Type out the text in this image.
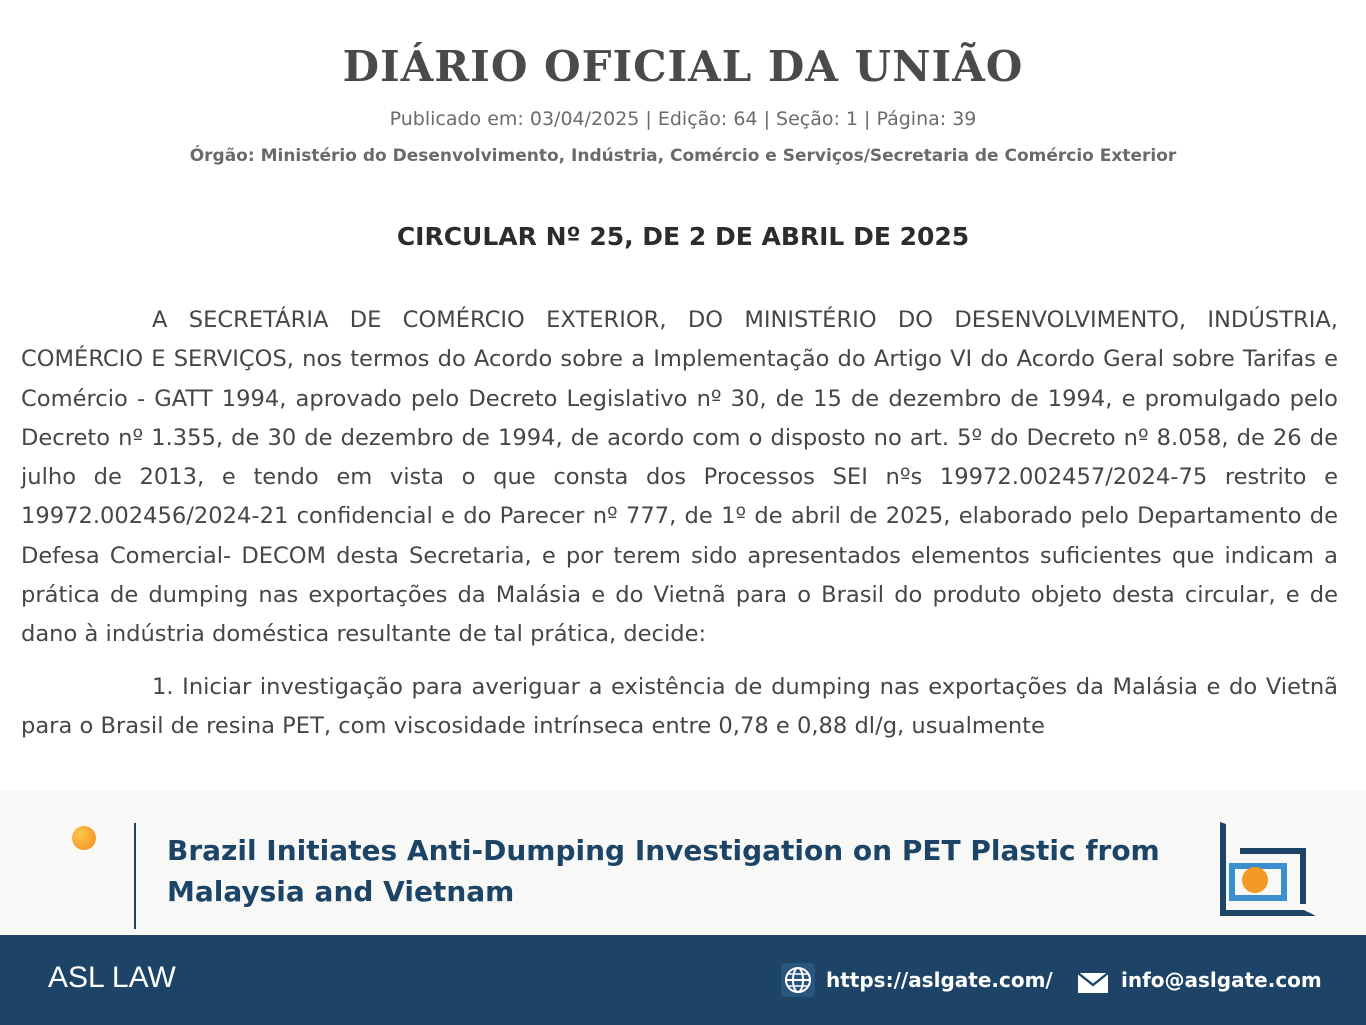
DIÁRIO OFICIAL DA UNIÃO
Publicado em: 03/04/2025 | Edição: 64 | Seção: 1 | Página: 39
Órgão: Ministério do Desenvolvimento, Indústria, Comércio e Serviços/Secretaria de Comércio Exterior
CIRCULAR Nº 25, DE 2 DE ABRIL DE 2025

A SECRETÁRIA DE COMÉRCIO EXTERIOR, DO MINISTÉRIO DO DESENVOLVIMENTO, INDÚSTRIA, COMÉRCIO E SERVIÇOS, nos termos do Acordo sobre a Implementação do Artigo VI do Acordo Geral sobre Tarifas e Comércio - GATT 1994, aprovado pelo Decreto Legislativo nº 30, de 15 de dezembro de 1994, e promulgado pelo Decreto nº 1.355, de 30 de dezembro de 1994, de acordo com o disposto no art. 5º do Decreto nº 8.058, de 26 de julho de 2013, e tendo em vista o que consta dos Processos SEI nºs 19972.002457/2024-75 restrito e 19972.002456/2024-21 confidencial e do Parecer nº 777, de 1º de abril de 2025, elaborado pelo Departamento de Defesa Comercial- DECOM desta Secretaria, e por terem sido apresentados elementos suficientes que indicam a prática de dumping nas exportações da Malásia e do Vietnã para o Brasil do produto objeto desta circular, e de dano à indústria doméstica resultante de tal prática, decide:

1. Iniciar investigação para averiguar a existência de dumping nas exportações da Malásia e do Vietnã para o Brasil de resina PET, com viscosidade intrínseca entre 0,78 e 0,88 dl/g, usualmente

Brazil Initiates Anti-Dumping Investigation on PET Plastic from Malaysia and Vietnam
ASL LAW	https://aslgate.com/	info@aslgate.com
